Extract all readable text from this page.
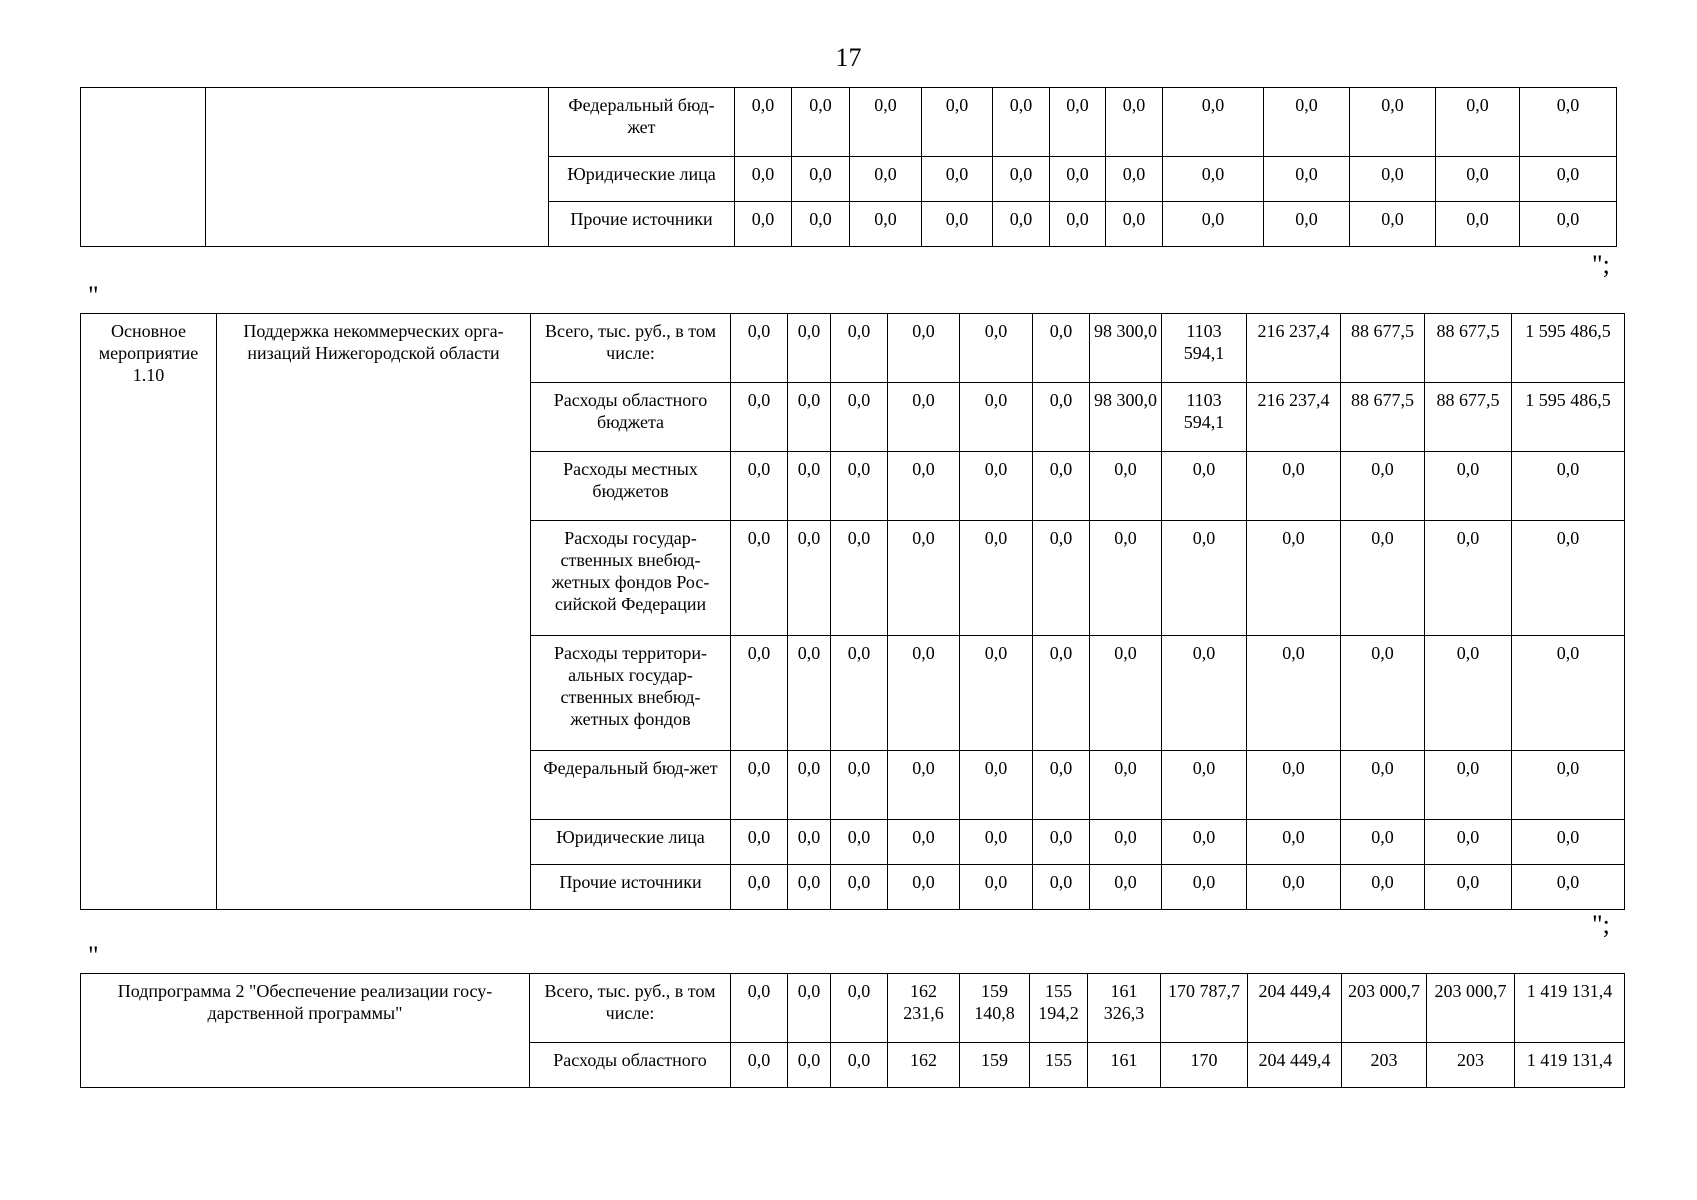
17
		Федеральный бюд-жет	0,0	0,0	0,0	0,0	0,0	0,0	0,0	0,0	0,0	0,0	0,0	0,0
		Юридические лица	0,0	0,0	0,0	0,0	0,0	0,0	0,0	0,0	0,0	0,0	0,0	0,0
		Прочие источники	0,0	0,0	0,0	0,0	0,0	0,0	0,0	0,0	0,0	0,0	0,0	0,0
";
"
Основное мероприятие 1.10	Поддержка некоммерческих орга-низаций Нижегородской области	Всего, тыс. руб., в том числе:	0,0	0,0	0,0	0,0	0,0	0,0	98 300,0	1103 594,1	216 237,4	88 677,5	88 677,5	1 595 486,5
		Расходы областного бюджета	0,0	0,0	0,0	0,0	0,0	0,0	98 300,0	1103 594,1	216 237,4	88 677,5	88 677,5	1 595 486,5
		Расходы местных бюджетов	0,0	0,0	0,0	0,0	0,0	0,0	0,0	0,0	0,0	0,0	0,0	0,0
		Расходы государ-ственных внебюд-жетных фондов Рос-сийской Федерации	0,0	0,0	0,0	0,0	0,0	0,0	0,0	0,0	0,0	0,0	0,0	0,0
		Расходы территори-альных государ-ственных внебюд-жетных фондов	0,0	0,0	0,0	0,0	0,0	0,0	0,0	0,0	0,0	0,0	0,0	0,0
		Федеральный бюд-жет	0,0	0,0	0,0	0,0	0,0	0,0	0,0	0,0	0,0	0,0	0,0	0,0
		Юридические лица	0,0	0,0	0,0	0,0	0,0	0,0	0,0	0,0	0,0	0,0	0,0	0,0
		Прочие источники	0,0	0,0	0,0	0,0	0,0	0,0	0,0	0,0	0,0	0,0	0,0	0,0
";
"
Подпрограмма 2 "Обеспечение реализации госу-дарственной программы"	Всего, тыс. руб., в том числе:	0,0	0,0	0,0	162 231,6	159 140,8	155 194,2	161 326,3	170 787,7	204 449,4	203 000,7	203 000,7	1 419 131,4
	Расходы областного	0,0	0,0	0,0	162	159	155	161	170	204 449,4	203	203	1 419 131,4
